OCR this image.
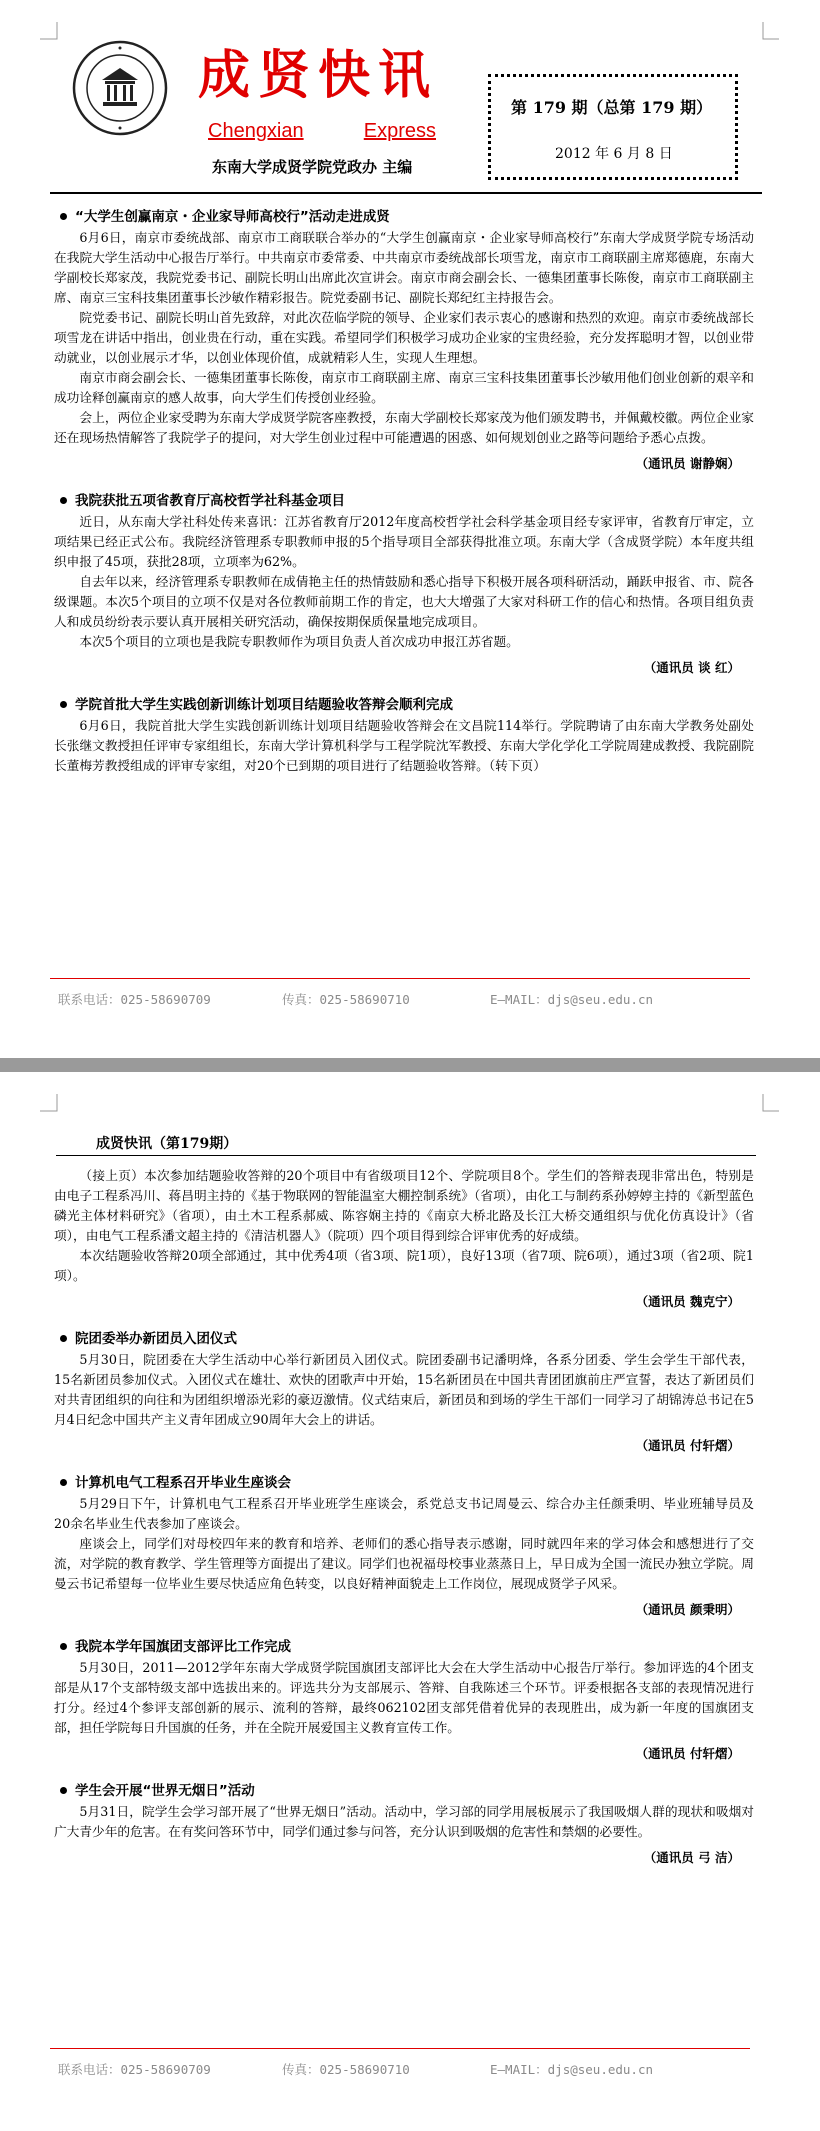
成贤快讯
Chengxian	Express
东南大学成贤学院党政办 主编
第 179 期（总第 179 期）
2012 年 6 月 8 日
“大学生创赢南京・企业家导师高校行”活动走进成贤

6月6日，南京市委统战部、南京市工商联联合举办的“大学生创赢南京・企业家导师高校行”东南大学成贤学院专场活动在我院大学生活动中心报告厅举行。中共南京市委常委、中共南京市委统战部长项雪龙，南京市工商联副主席郑德鹿，东南大学副校长郑家茂，我院党委书记、副院长明山出席此次宣讲会。南京市商会副会长、一德集团董事长陈俊，南京市工商联副主席、南京三宝科技集团董事长沙敏作精彩报告。院党委副书记、副院长郑纪红主持报告会。

院党委书记、副院长明山首先致辞，对此次莅临学院的领导、企业家们表示衷心的感谢和热烈的欢迎。南京市委统战部长项雪龙在讲话中指出，创业贵在行动，重在实践。希望同学们积极学习成功企业家的宝贵经验，充分发挥聪明才智，以创业带动就业，以创业展示才华，以创业体现价值，成就精彩人生，实现人生理想。

南京市商会副会长、一德集团董事长陈俊，南京市工商联副主席、南京三宝科技集团董事长沙敏用他们创业创新的艰辛和成功诠释创赢南京的感人故事，向大学生们传授创业经验。

会上，两位企业家受聘为东南大学成贤学院客座教授，东南大学副校长郑家茂为他们颁发聘书，并佩戴校徽。两位企业家还在现场热情解答了我院学子的提问，对大学生创业过程中可能遭遇的困惑、如何规划创业之路等问题给予悉心点拨。

（通讯员 谢静娴）
我院获批五项省教育厅高校哲学社科基金项目

近日，从东南大学社科处传来喜讯：江苏省教育厅2012年度高校哲学社会科学基金项目经专家评审，省教育厅审定，立项结果已经正式公布。我院经济管理系专职教师申报的5个指导项目全部获得批准立项。东南大学（含成贤学院）本年度共组织申报了45项，获批28项，立项率为62%。

自去年以来，经济管理系专职教师在成倩艳主任的热情鼓励和悉心指导下积极开展各项科研活动，踊跃申报省、市、院各级课题。本次5个项目的立项不仅是对各位教师前期工作的肯定，也大大增强了大家对科研工作的信心和热情。各项目组负责人和成员纷纷表示要认真开展相关研究活动，确保按期保质保量地完成项目。

本次5个项目的立项也是我院专职教师作为项目负责人首次成功申报江苏省题。

（通讯员 谈 红）
学院首批大学生实践创新训练计划项目结题验收答辩会顺利完成

6月6日，我院首批大学生实践创新训练计划项目结题验收答辩会在文昌院114举行。学院聘请了由东南大学教务处副处长张继文教授担任评审专家组组长，东南大学计算机科学与工程学院沈军教授、东南大学化学化工学院周建成教授、我院副院长董梅芳教授组成的评审专家组，对20个已到期的项目进行了结题验收答辩。（转下页）

联系电话：025-58690709	传真：025-58690710	E—MAIL：djs@seu.edu.cn
成贤快讯（第179期）

（接上页）本次参加结题验收答辩的20个项目中有省级项目12个、学院项目8个。学生们的答辩表现非常出色，特别是由电子工程系冯川、蒋昌明主持的《基于物联网的智能温室大棚控制系统》（省项），由化工与制药系孙婷婷主持的《新型蓝色磷光主体材料研究》（省项），由土木工程系郝威、陈容娴主持的《南京大桥北路及长江大桥交通组织与优化仿真设计》（省项），由电气工程系潘文超主持的《清洁机器人》（院项）四个项目得到综合评审优秀的好成绩。

本次结题验收答辩20项全部通过，其中优秀4项（省3项、院1项），良好13项（省7项、院6项），通过3项（省2项、院1项）。

（通讯员 魏克宁）
院团委举办新团员入团仪式

5月30日，院团委在大学生活动中心举行新团员入团仪式。院团委副书记潘明烽，各系分团委、学生会学生干部代表，15名新团员参加仪式。入团仪式在雄壮、欢快的团歌声中开始，15名新团员在中国共青团团旗前庄严宣誓，表达了新团员们对共青团组织的向往和为团组织增添光彩的豪迈激情。仪式结束后，新团员和到场的学生干部们一同学习了胡锦涛总书记在5月4日纪念中国共产主义青年团成立90周年大会上的讲话。

（通讯员 付轩熠）
计算机电气工程系召开毕业生座谈会

5月29日下午，计算机电气工程系召开毕业班学生座谈会，系党总支书记周曼云、综合办主任颜秉明、毕业班辅导员及20余名毕业生代表参加了座谈会。

座谈会上，同学们对母校四年来的教育和培养、老师们的悉心指导表示感谢，同时就四年来的学习体会和感想进行了交流，对学院的教育教学、学生管理等方面提出了建议。同学们也祝福母校事业蒸蒸日上，早日成为全国一流民办独立学院。周曼云书记希望每一位毕业生要尽快适应角色转变，以良好精神面貌走上工作岗位，展现成贤学子风采。

（通讯员 颜秉明）
我院本学年国旗团支部评比工作完成

5月30日，2011—2012学年东南大学成贤学院国旗团支部评比大会在大学生活动中心报告厅举行。参加评选的4个团支部是从17个支部特级支部中选拔出来的。评选共分为支部展示、答辩、自我陈述三个环节。评委根据各支部的表现情况进行打分。经过4个参评支部创新的展示、流利的答辩，最终062102团支部凭借着优异的表现胜出，成为新一年度的国旗团支部，担任学院每日升国旗的任务，并在全院开展爱国主义教育宣传工作。

（通讯员 付轩熠）
学生会开展“世界无烟日”活动

5月31日，院学生会学习部开展了“世界无烟日”活动。活动中，学习部的同学用展板展示了我国吸烟人群的现状和吸烟对广大青少年的危害。在有奖问答环节中，同学们通过参与问答，充分认识到吸烟的危害性和禁烟的必要性。

（通讯员 弓 洁）
联系电话：025-58690709	传真：025-58690710	E—MAIL：djs@seu.edu.cn
